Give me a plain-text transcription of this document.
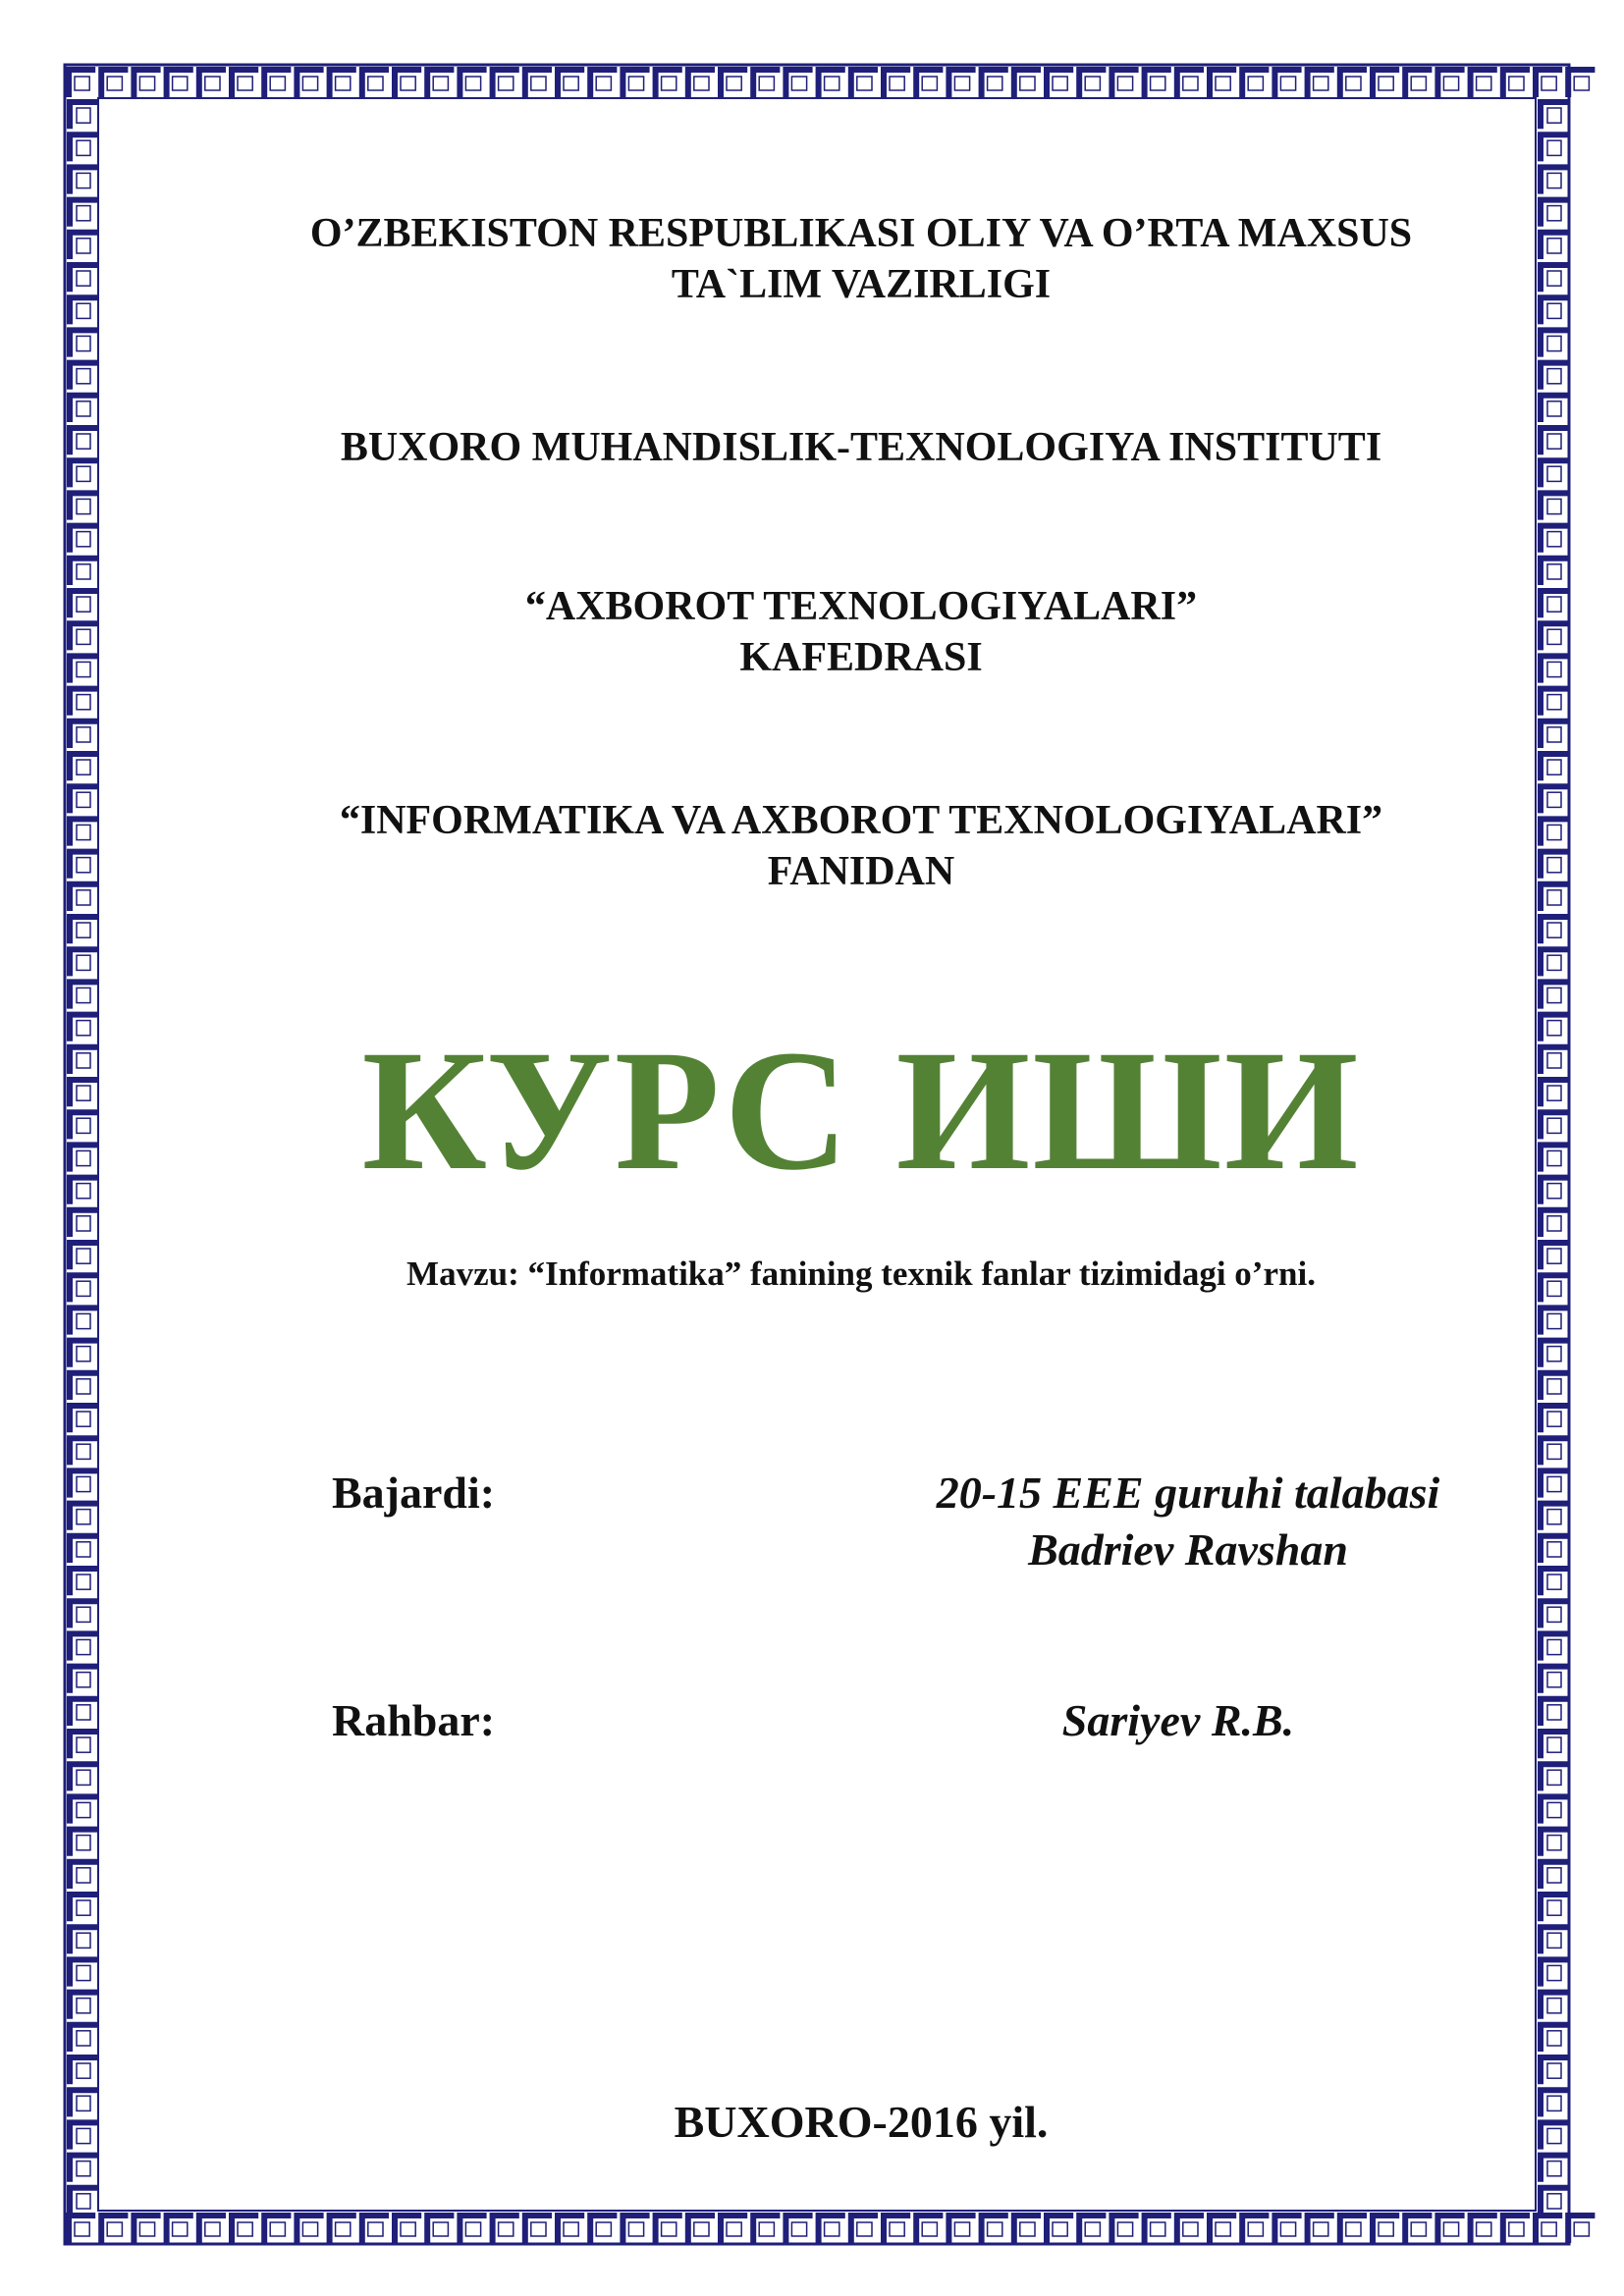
O’ZBEKISTON RESPUBLIKASI OLIY VA O’RTA MAXSUS
TA`LIM VAZIRLIGI
BUXORO MUHANDISLIK-TEXNOLOGIYA INSTITUTI
“AXBOROT TEXNOLOGIYALARI”
KAFEDRASI
“INFORMATIKA VA AXBOROT TEXNOLOGIYALARI”
FANIDAN
КУРС ИШИ
Mavzu: “Informatika” fanining texnik fanlar tizimidagi o’rni.
Bajardi:	20-15 EEE guruhi talabasi
Badriev Ravshan
Rahbar:	Sariyev R.B.
BUXORO-2016 yil.
